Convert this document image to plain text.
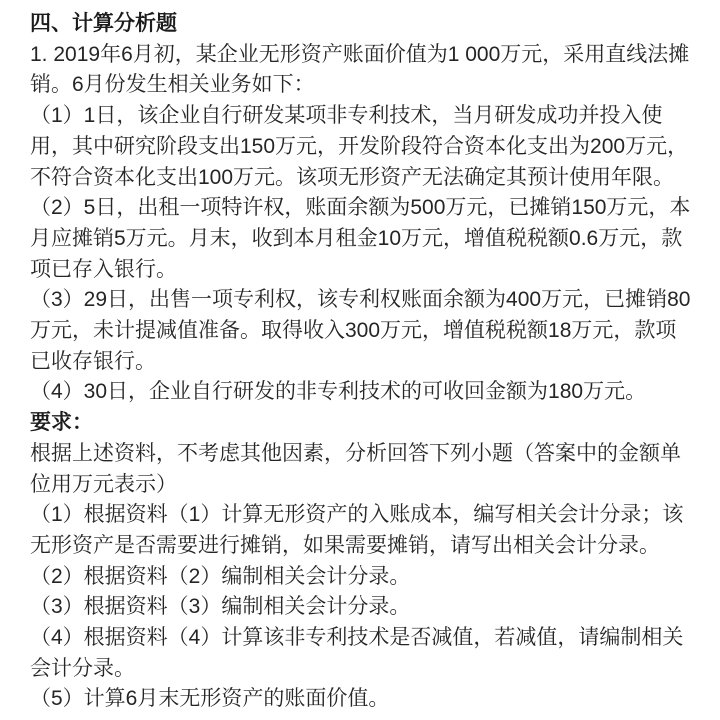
四、计算分析题

1. 2019年6月初，某企业无形资产账面价值为1 000万元，采用直线法摊销。6月份发生相关业务如下：

（1）1日，该企业自行研发某项非专利技术，当月研发成功并投入使用，其中研究阶段支出150万元，开发阶段符合资本化支出为200万元，不符合资本化支出100万元。该项无形资产无法确定其预计使用年限。

（2）5日，出租一项特许权，账面余额为500万元，已摊销150万元，本月应摊销5万元。月末，收到本月租金10万元，增值税税额0.6万元，款项已存入银行。

（3）29日，出售一项专利权，该专利权账面余额为400万元，已摊销80万元，未计提减值准备。取得收入300万元，增值税税额18万元，款项已收存银行。

（4）30日，企业自行研发的非专利技术的可收回金额为180万元。

要求：

根据上述资料，不考虑其他因素，分析回答下列小题（答案中的金额单位用万元表示）

（1）根据资料（1）计算无形资产的入账成本，编写相关会计分录；该无形资产是否需要进行摊销，如果需要摊销，请写出相关会计分录。

（2）根据资料（2）编制相关会计分录。

（3）根据资料（3）编制相关会计分录。

（4）根据资料（4）计算该非专利技术是否减值，若减值，请编制相关会计分录。

（5）计算6月末无形资产的账面价值。
